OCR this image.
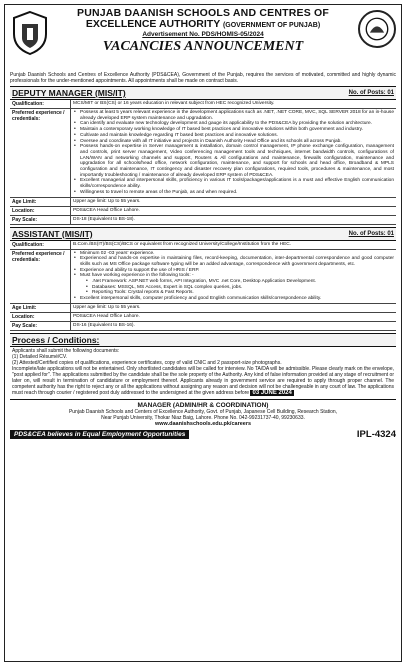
PUNJAB DAANISH SCHOOLS AND CENTRES OF
EXCELLENCE AUTHORITY (GOVERNMENT OF PUNJAB)
Advertisement No. PDS/HOMIS-05/2024
VACANCIES ANNOUNCEMENT
Punjab Daanish Schools and Centres of Excellence Authority (PDS&CEA), Government of the Punjab, requires the services of motivated, committed and highly dynamic professionals for the under-mentioned appointments. All appointments shall be made on contract basis.
DEPUTY MANAGER (MIS/IT)	No. of Posts: 01
Qualification:	MCS/MIT or BS(CS) or 16 years education in relevant subject from HEC recognized University.
Preferred experience / credentials:
• Possess at least 5 years relevant experience in the development applications such as .NET, .NET CORE, MVC, SQL SERVER 2018 for an in-house already developed ERP system maintenance and upgradation.
• Can identify and evaluate new technology development and gauge its applicability to the PDS&CEA by providing the solution architecture.
• Maintain a contemporary working knowledge of IT based best practices and innovative solutions within both government and industry.
• Cultivate and maintain knowledge regarding IT based best practices and innovative solutions.
• Oversee and coordinate with all IT initiative and projects in Daanish Authority Head Office and its schools all across Punjab.
• Possess hands-on expertise in Server management & installation, domain control management, IP phone exchange configuration, management and controls, print server management, Video conferencing management tools and techniques, internet bandwidth controls, configurations of LAN/WAN and networking channels and support, Routers & All configurations and maintenance, firewalls configuration, maintenance and upgradation for all schools/head office, network configuration, maintenance, and support for schools and head office, Broadband & MPLS configuration and maintenance, IT contingency and disaster recovery plan configurations, required tools, procedures & maintenance, and most importantly troubleshooting / maintenance of already developed ERP system of PDS&CEA.
• Excellent managerial and interpersonal skills, proficiency in various IT tools/packages/applications is a must and effective English communication skills/correspondence ability.
• Willingness to travel to remote areas of the Punjab, as and when required.
Age Limit:	Upper age limit: Up to 55 years.
Location:	PDS&CEA Head Office Lahore.
Pay Scale:	DS-18 (Equivalent to BS-18).
ASSISTANT (MIS/IT)	No. of Posts: 01
Qualification:	B.Com./BS(IT)/BS(CS)/BCS or equivalent from recognized University/College/Institution from the HEC.
Preferred experience / credentials:
• Minimum 02 -03 years' experience.
• Experienced and hands-on expertise in maintaining files, record-keeping, documentation, inter-departmental correspondence and good computer skills such as MS Office package software typing will be an added advantage, correspondence with government departments, etc.
• Experience and ability to support the use of HRIS / ERP.
• Must have working experience in the following tools: -
• .Net Framework: ASP.NET web forms, API Integration, MVC .net Core, Desktop Application Development.
• Databases: MSSQL, MS Access, Expert in SQL complex queries, jobs.
• Reporting Tools: Crystal reports & Fast Reports.
• Excellent interpersonal skills, computer proficiency and good English communication skills/correspondence ability.
Age Limit:	Upper age limit: Up to 55 years.
Location:	PDS&CEA Head Office Lahore.
Pay Scale:	DS-16 (Equivalent to BS-16).
Process / Conditions:

Applicants shall submit the following documents:

(1) Detailed Résumé/CV.

(2) Attested/Certified copies of qualifications, experience certificates, copy of valid CNIC and 2 passport-size photographs.

Incomplete/late applications will not be entertained. Only shortlisted candidates will be called for interview. No TA/DA will be admissible. Please clearly mark on the envelope, "post applied for". The applications submitted by the candidate shall be the sole property of the Authority. Any kind of false information provided at any stage of recruitment or later on, will result in termination of candidature or employment thereof. Applicants already in government service are required to apply through proper channel. The competent authority has the right to reject any or all the applications without assigning any reason and decision will not be challengeable in any court of law. The applications must reach through courier / registered post duly addressed to the undersigned at the given address before 03 JUNE 2024

MANAGER (ADMIN/HR & COORDINATION)
Punjab Daanish Schools and Centers of Excellence Authority, Govt. of Punjab, Japanese Cell Building, Research Station,
Near Punjab University, Thokar Niaz Baig, Lahore. Phone No. 042-99231737-40, 99230633.
www.daanishschools.edu.pk/careers
PDS&CEA believes in Equal Employment Opportunities	IPL-4324
